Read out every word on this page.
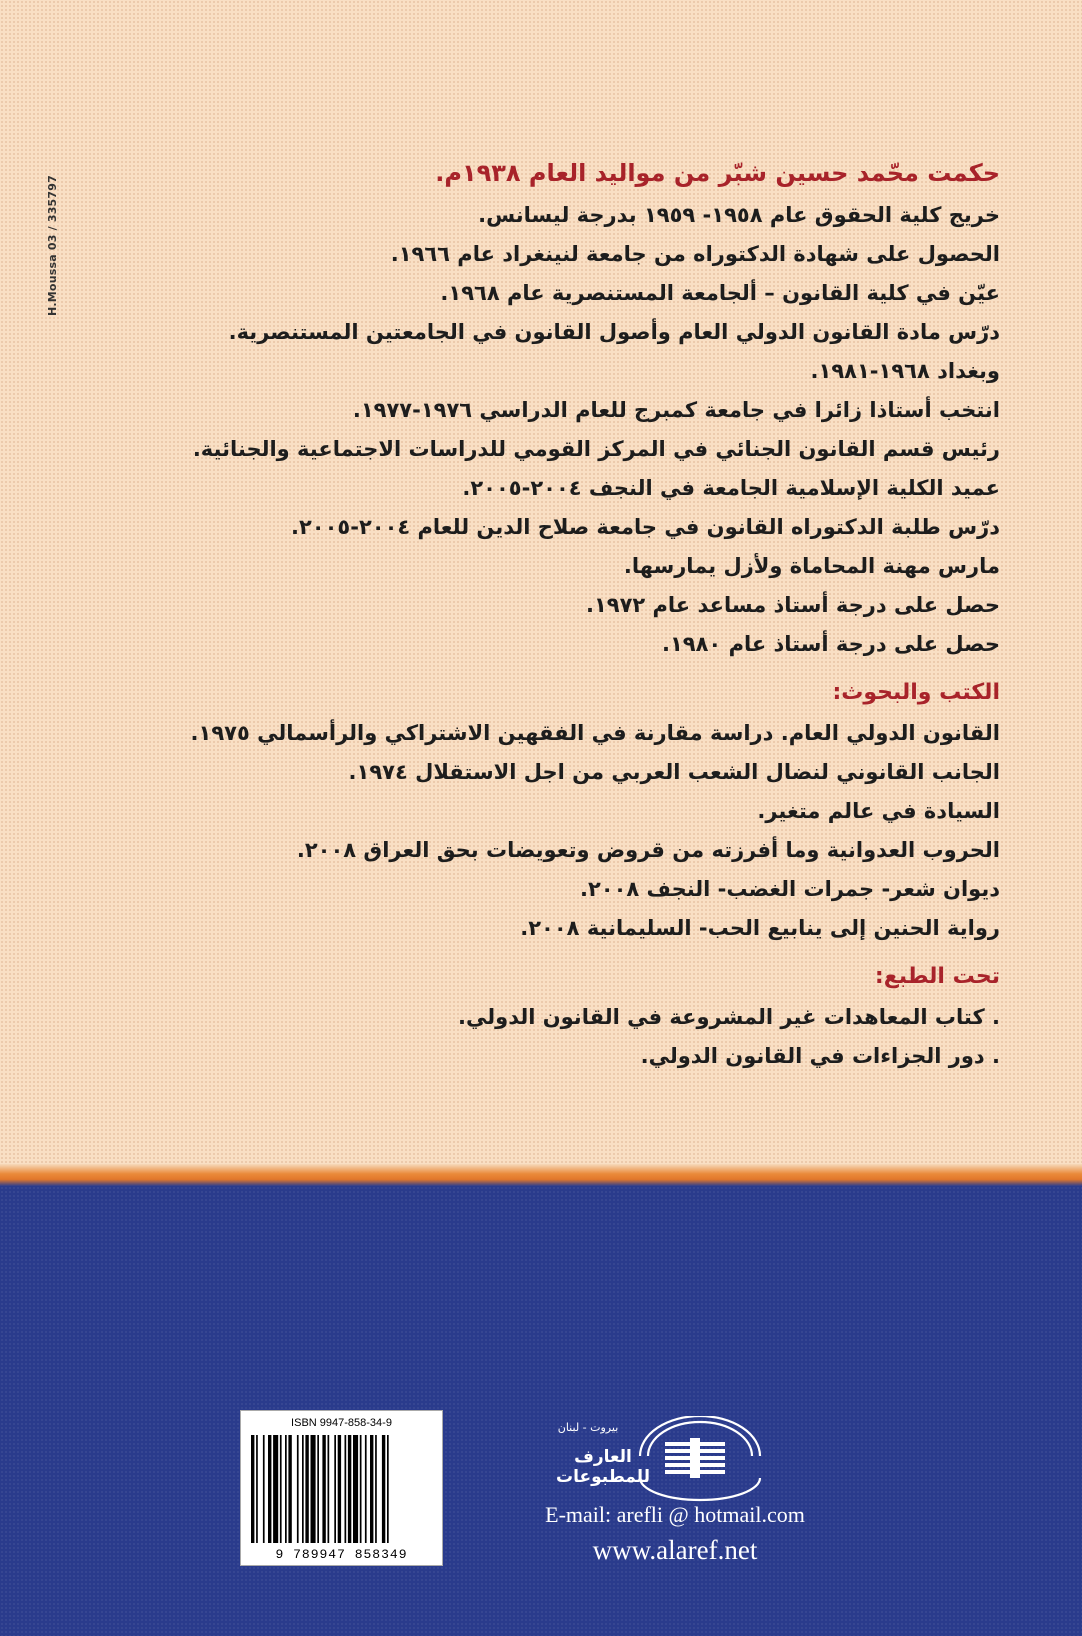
H.Moussa 03 / 335797
حكمت محّمد حسين شبّر من مواليد العام ١٩٣٨م.
خريج كلية الحقوق عام ١٩٥٨- ١٩٥٩ بدرجة ليسانس.
الحصول على شهادة الدكتوراه من جامعة لنينغراد عام ١٩٦٦.
عيّن في كلية القانون – ألجامعة المستنصرية عام ١٩٦٨.
درّس مادة القانون الدولي العام وأصول القانون في الجامعتين المستنصرية.
وبغداد ١٩٦٨-١٩٨١.
انتخب أستاذا زائرا في جامعة كمبرج للعام الدراسي ١٩٧٦-١٩٧٧.
رئيس قسم القانون الجنائي في المركز القومي للدراسات الاجتماعية والجنائية.
عميد الكلية الإسلامية الجامعة في النجف ٢٠٠٤-٢٠٠٥.
درّس طلبة الدكتوراه القانون في جامعة صلاح الدين للعام ٢٠٠٤-٢٠٠٥.
مارس مهنة المحاماة ولأزل يمارسها.
حصل على درجة أستاذ مساعد عام ١٩٧٢.
حصل على درجة أستاذ عام ١٩٨٠.
الكتب والبحوث:
القانون الدولي العام. دراسة مقارنة في الفقهين الاشتراكي والرأسمالي ١٩٧٥.
الجانب القانوني لنضال الشعب العربي من اجل الاستقلال ١٩٧٤.
السيادة في عالم متغير.
الحروب العدوانية وما أفرزته من قروض وتعويضات بحق العراق ٢٠٠٨.
ديوان شعر- جمرات الغضب- النجف ٢٠٠٨.
رواية الحنين إلى ينابيع الحب- السليمانية ٢٠٠٨.
تحت الطبع:
. كتاب المعاهدات غير المشروعة في القانون الدولي.
. دور الجزاءات في القانون الدولي.
ISBN 9947-858-34-9
9 789947 858349
بيروت - لبنان
العارف للمطبوعات
E-mail: arefli @ hotmail.com
www.alaref.net
